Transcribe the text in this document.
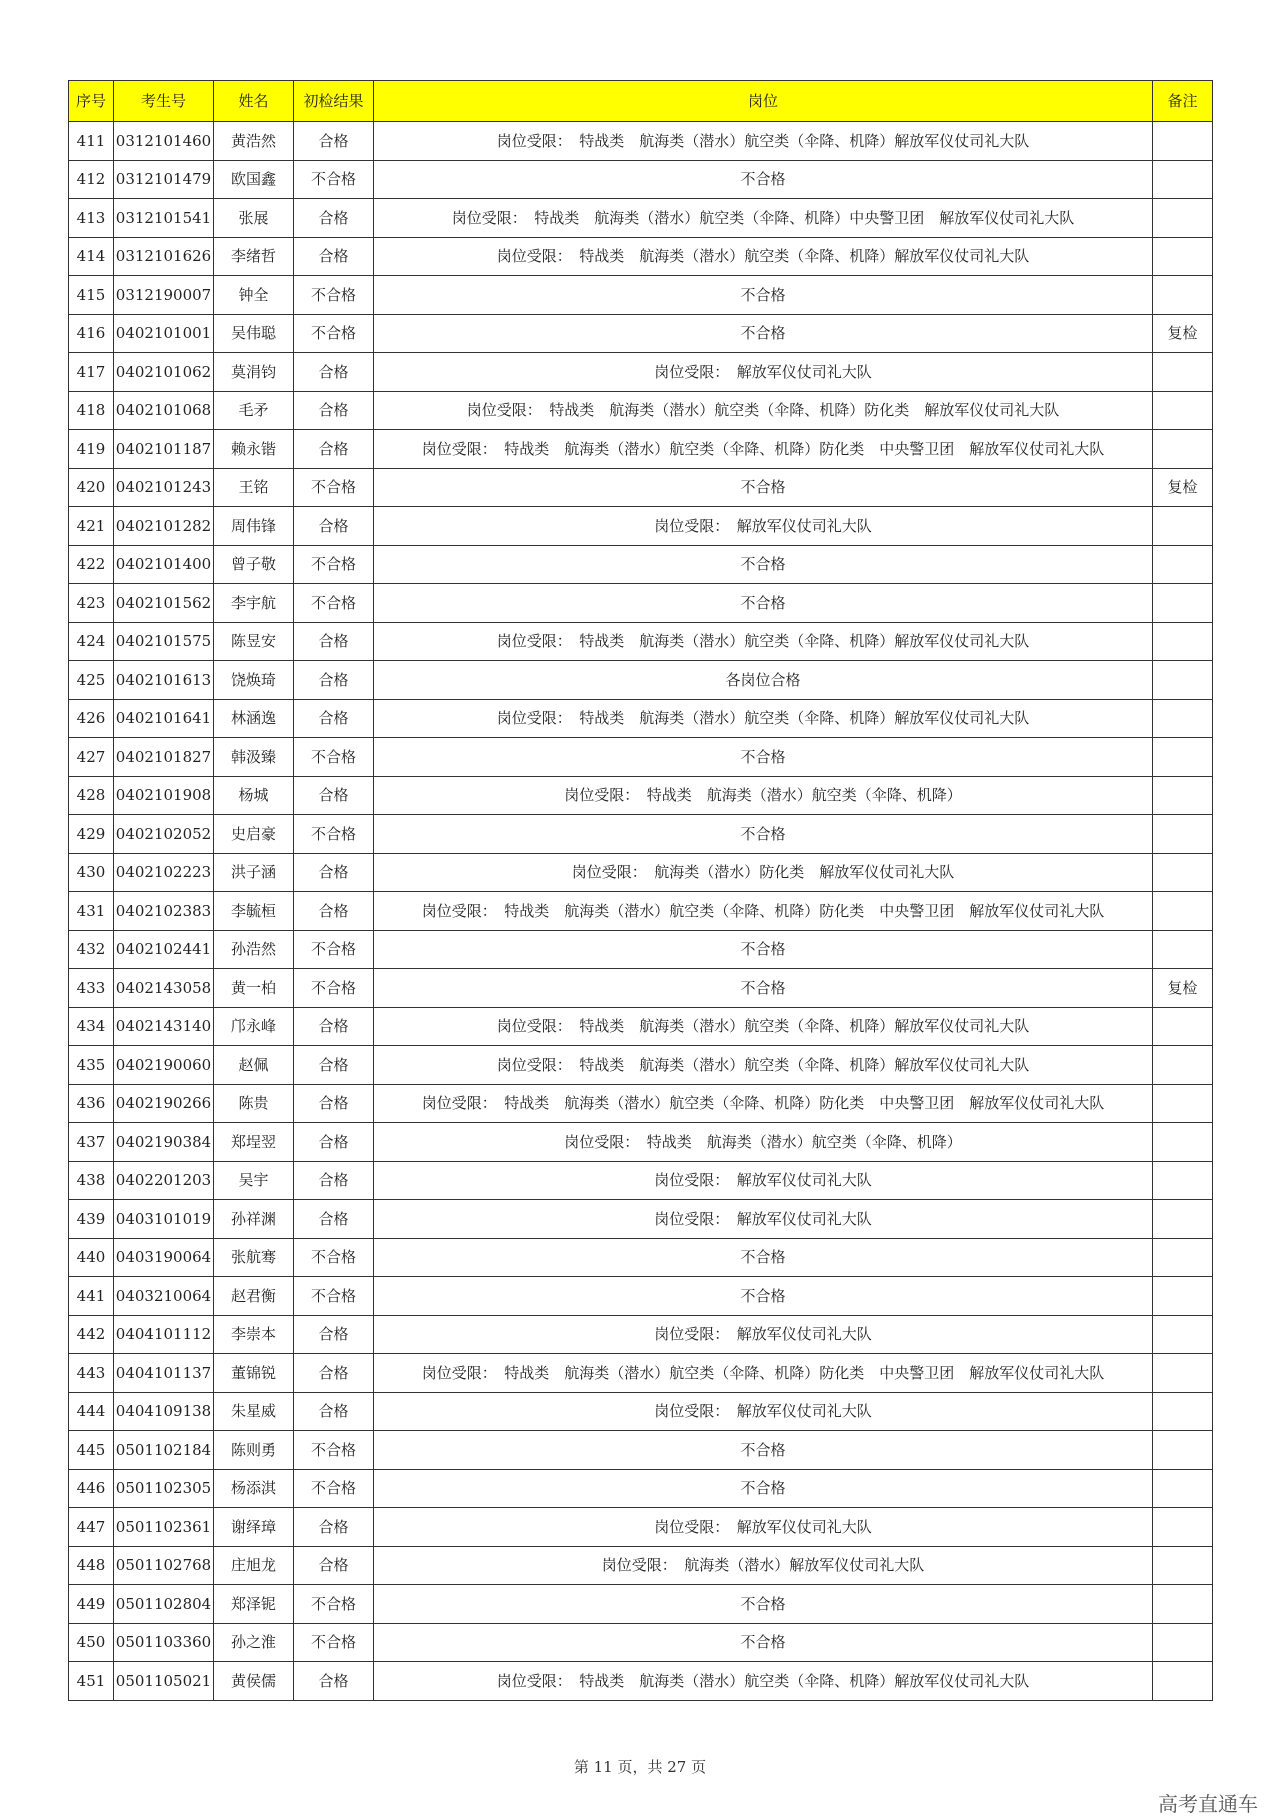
序号	考生号	姓名	初检结果	岗位	备注
411	0312101460	黄浩然	合格	岗位受限：　特战类　航海类（潜水）航空类（伞降、机降）解放军仪仗司礼大队	
412	0312101479	欧国鑫	不合格	不合格	
413	0312101541	张展	合格	岗位受限：　特战类　航海类（潜水）航空类（伞降、机降）中央警卫团　解放军仪仗司礼大队	
414	0312101626	李绪哲	合格	岗位受限：　特战类　航海类（潜水）航空类（伞降、机降）解放军仪仗司礼大队	
415	0312190007	钟全	不合格	不合格	
416	0402101001	吴伟聪	不合格	不合格	复检
417	0402101062	莫涓钧	合格	岗位受限：　解放军仪仗司礼大队	
418	0402101068	毛矛	合格	岗位受限：　特战类　航海类（潜水）航空类（伞降、机降）防化类　解放军仪仗司礼大队	
419	0402101187	赖永锴	合格	岗位受限：　特战类　航海类（潜水）航空类（伞降、机降）防化类　中央警卫团　解放军仪仗司礼大队	
420	0402101243	王铭	不合格	不合格	复检
421	0402101282	周伟锋	合格	岗位受限：　解放军仪仗司礼大队	
422	0402101400	曾子敬	不合格	不合格	
423	0402101562	李宇航	不合格	不合格	
424	0402101575	陈昱安	合格	岗位受限：　特战类　航海类（潜水）航空类（伞降、机降）解放军仪仗司礼大队	
425	0402101613	饶焕琦	合格	各岗位合格	
426	0402101641	林涵逸	合格	岗位受限：　特战类　航海类（潜水）航空类（伞降、机降）解放军仪仗司礼大队	
427	0402101827	韩汲臻	不合格	不合格	
428	0402101908	杨城	合格	岗位受限：　特战类　航海类（潜水）航空类（伞降、机降）	
429	0402102052	史启豪	不合格	不合格	
430	0402102223	洪子涵	合格	岗位受限：　航海类（潜水）防化类　解放军仪仗司礼大队	
431	0402102383	李毓桓	合格	岗位受限：　特战类　航海类（潜水）航空类（伞降、机降）防化类　中央警卫团　解放军仪仗司礼大队	
432	0402102441	孙浩然	不合格	不合格	
433	0402143058	黄一柏	不合格	不合格	复检
434	0402143140	邝永峰	合格	岗位受限：　特战类　航海类（潜水）航空类（伞降、机降）解放军仪仗司礼大队	
435	0402190060	赵佩	合格	岗位受限：　特战类　航海类（潜水）航空类（伞降、机降）解放军仪仗司礼大队	
436	0402190266	陈贵	合格	岗位受限：　特战类　航海类（潜水）航空类（伞降、机降）防化类　中央警卫团　解放军仪仗司礼大队	
437	0402190384	郑埕翌	合格	岗位受限：　特战类　航海类（潜水）航空类（伞降、机降）	
438	0402201203	吴宇	合格	岗位受限：　解放军仪仗司礼大队	
439	0403101019	孙祥渊	合格	岗位受限：　解放军仪仗司礼大队	
440	0403190064	张航骞	不合格	不合格	
441	0403210064	赵君衡	不合格	不合格	
442	0404101112	李崇本	合格	岗位受限：　解放军仪仗司礼大队	
443	0404101137	董锦锐	合格	岗位受限：　特战类　航海类（潜水）航空类（伞降、机降）防化类　中央警卫团　解放军仪仗司礼大队	
444	0404109138	朱星威	合格	岗位受限：　解放军仪仗司礼大队	
445	0501102184	陈则勇	不合格	不合格	
446	0501102305	杨添淇	不合格	不合格	
447	0501102361	谢绎璋	合格	岗位受限：　解放军仪仗司礼大队	
448	0501102768	庄旭龙	合格	岗位受限：　航海类（潜水）解放军仪仗司礼大队	
449	0501102804	郑泽铌	不合格	不合格	
450	0501103360	孙之淮	不合格	不合格	
451	0501105021	黄侯儒	合格	岗位受限：　特战类　航海类（潜水）航空类（伞降、机降）解放军仪仗司礼大队	
第 11 页，共 27 页
高考直通车
